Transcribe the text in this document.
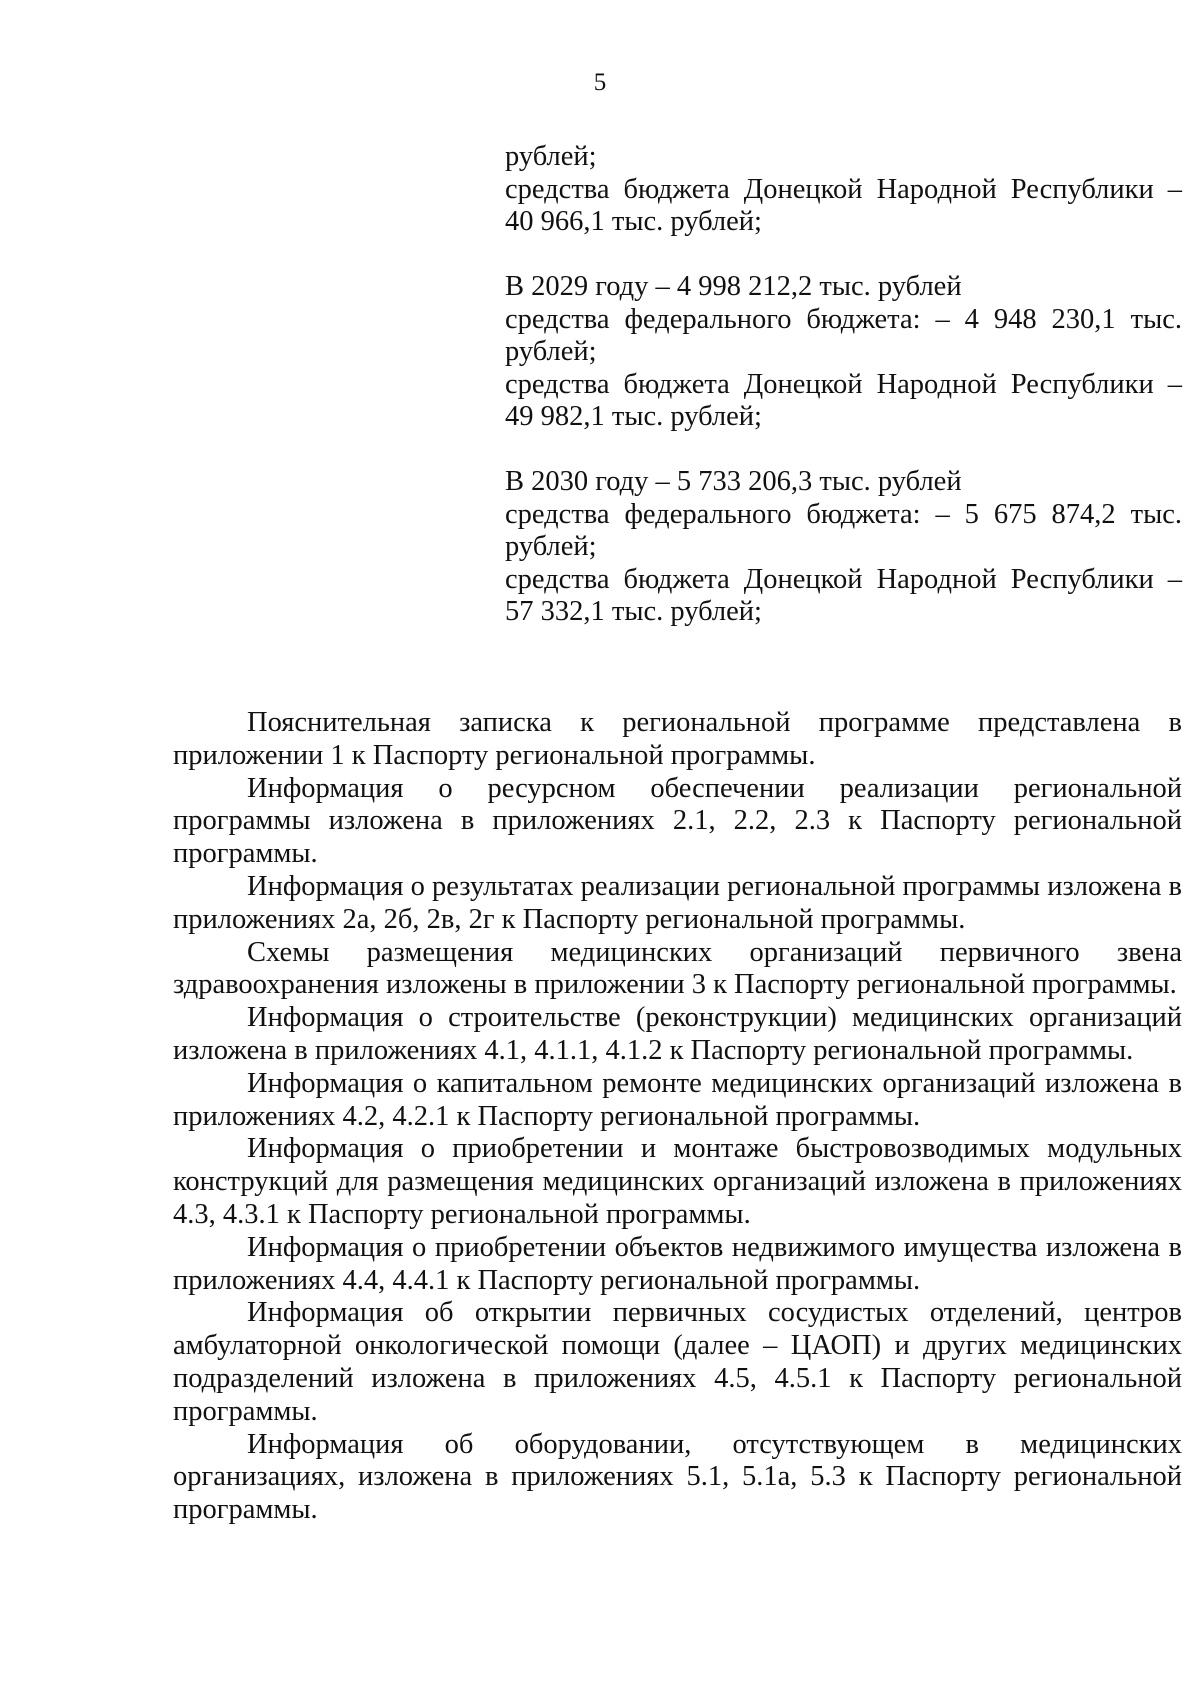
5
рублей;
средства бюджета Донецкой Народной Республики –
40 966,1 тыс. рублей;
В 2029 году – 4 998 212,2 тыс. рублей
средства федерального бюджета: – 4 948 230,1 тыс.
рублей;
средства бюджета Донецкой Народной Республики –
49 982,1 тыс. рублей;
В 2030 году – 5 733 206,3 тыс. рублей
средства федерального бюджета: – 5 675 874,2 тыс.
рублей;
средства бюджета Донецкой Народной Республики –
57 332,1 тыс. рублей;

Пояснительная записка к региональной программе представлена в приложении 1 к Паспорту региональной программы.

Информация о ресурсном обеспечении реализации региональной программы изложена в приложениях 2.1, 2.2, 2.3 к Паспорту региональной программы.

Информация о результатах реализации региональной программы изложена в приложениях 2а, 2б, 2в, 2г к Паспорту региональной программы.

Схемы размещения медицинских организаций первичного звена здравоохранения изложены в приложении 3 к Паспорту региональной программы.

Информация о строительстве (реконструкции) медицинских организаций изложена в приложениях 4.1, 4.1.1, 4.1.2 к Паспорту региональной программы.

Информация о капитальном ремонте медицинских организаций изложена в приложениях 4.2, 4.2.1 к Паспорту региональной программы.

Информация о приобретении и монтаже быстровозводимых модульных конструкций для размещения медицинских организаций изложена в приложениях 4.3, 4.3.1 к Паспорту региональной программы.

Информация о приобретении объектов недвижимого имущества изложена в приложениях 4.4, 4.4.1 к Паспорту региональной программы.

Информация об открытии первичных сосудистых отделений, центров амбулаторной онкологической помощи (далее – ЦАОП) и других медицинских подразделений изложена в приложениях 4.5, 4.5.1 к Паспорту региональной программы.

Информация об оборудовании, отсутствующем в медицинских организациях, изложена в приложениях 5.1, 5.1а, 5.3 к Паспорту региональной программы.
